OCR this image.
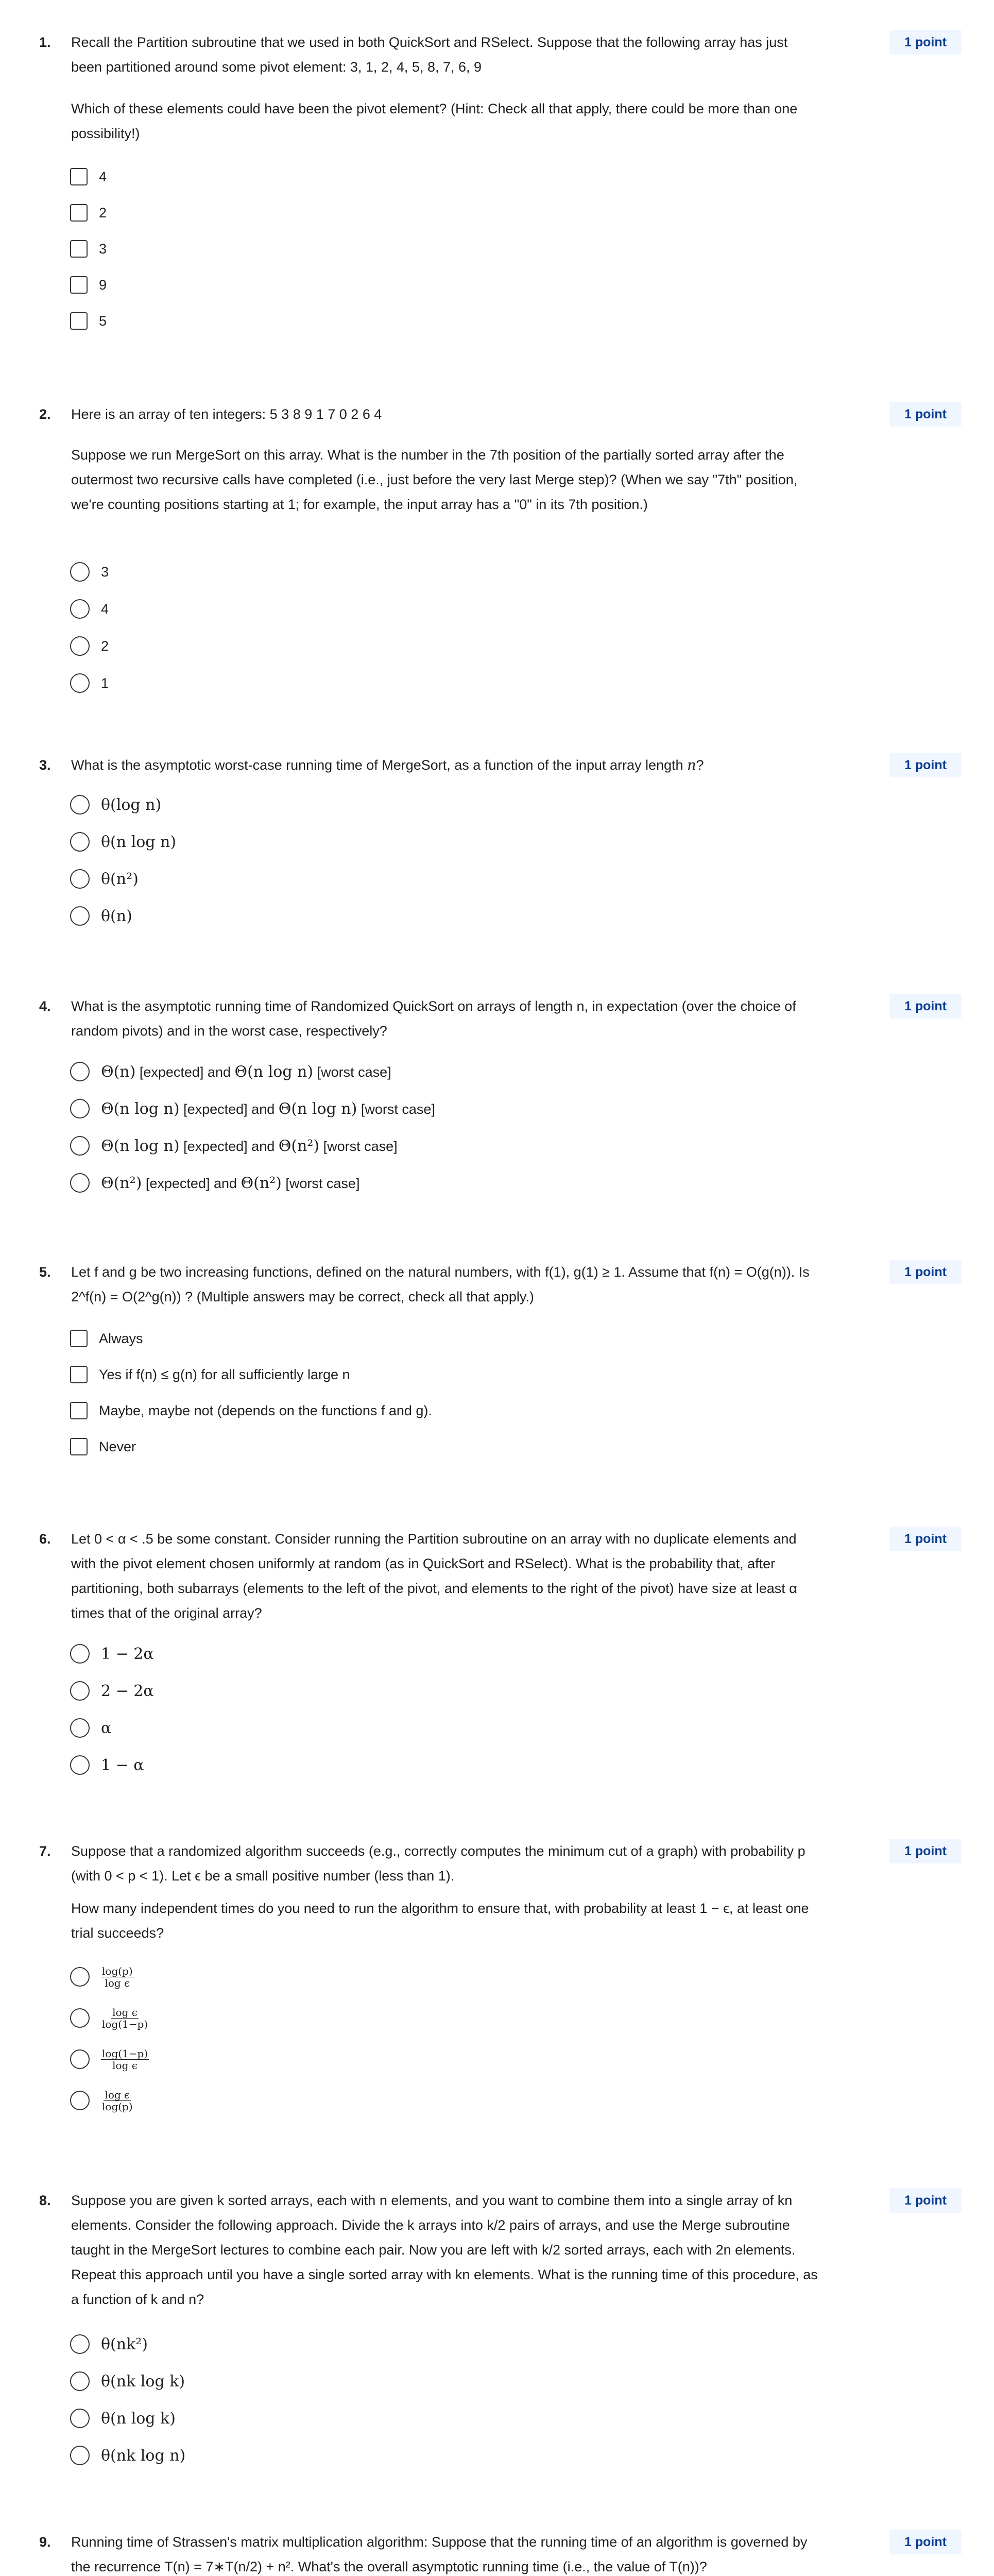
1.	1 point

Recall the Partition subroutine that we used in both QuickSort and RSelect. Suppose that the following array has just been partitioned around some pivot element: 3, 1, 2, 4, 5, 8, 7, 6, 9

Which of these elements could have been the pivot element? (Hint: Check all that apply, there could be more than one possibility!)

4
2
3
9
5
2.	1 point

Here is an array of ten integers: 5 3 8 9 1 7 0 2 6 4

Suppose we run MergeSort on this array. What is the number in the 7th position of the partially sorted array after the outermost two recursive calls have completed (i.e., just before the very last Merge step)? (When we say "7th" position, we're counting positions starting at 1; for example, the input array has a "0" in its 7th position.)

3
4
2
1
3.	1 point

What is the asymptotic worst-case running time of MergeSort, as a function of the input array length n?

θ(log n)
θ(n log n)
θ(n²)
θ(n)
4.	1 point

What is the asymptotic running time of Randomized QuickSort on arrays of length n, in expectation (over the choice of random pivots) and in the worst case, respectively?

Θ(n) [expected] and Θ(n log n) [worst case]
Θ(n log n) [expected] and Θ(n log n) [worst case]
Θ(n log n) [expected] and Θ(n²) [worst case]
Θ(n²) [expected] and Θ(n²) [worst case]
5.	1 point

Let f and g be two increasing functions, defined on the natural numbers, with f(1), g(1) ≥ 1. Assume that f(n) = O(g(n)). Is 2^f(n) = O(2^g(n)) ? (Multiple answers may be correct, check all that apply.)

Always
Yes if f(n) ≤ g(n) for all sufficiently large n
Maybe, maybe not (depends on the functions f and g).
Never
6.	1 point

Let 0 < α < .5 be some constant. Consider running the Partition subroutine on an array with no duplicate elements and with the pivot element chosen uniformly at random (as in QuickSort and RSelect). What is the probability that, after partitioning, both subarrays (elements to the left of the pivot, and elements to the right of the pivot) have size at least α times that of the original array?

1 − 2α
2 − 2α
α
1 − α
7.	1 point

Suppose that a randomized algorithm succeeds (e.g., correctly computes the minimum cut of a graph) with probability p (with 0 < p < 1). Let ϵ be a small positive number (less than 1).

How many independent times do you need to run the algorithm to ensure that, with probability at least 1 − ϵ, at least one trial succeeds?

$\frac{\log(p)}{\text{log ϵ}}$
$\frac{\text{log ϵ}}{\log(1-p)}$
$\frac{\log(1-p)}{\text{log ϵ}}$
$\frac{\text{log ϵ}}{\log(p)}$
8.	1 point

Suppose you are given k sorted arrays, each with n elements, and you want to combine them into a single array of kn elements. Consider the following approach. Divide the k arrays into k/2 pairs of arrays, and use the Merge subroutine taught in the MergeSort lectures to combine each pair. Now you are left with k/2 sorted arrays, each with 2n elements. Repeat this approach until you have a single sorted array with kn elements. What is the running time of this procedure, as a function of k and n?

θ(nk²)
θ(nk log k)
θ(n log k)
θ(nk log n)
9.	1 point

Running time of Strassen's matrix multiplication algorithm: Suppose that the running time of an algorithm is governed by the recurrence T(n) = 7∗T(n/2) + n². What's the overall asymptotic running time (i.e., the value of T(n))?
